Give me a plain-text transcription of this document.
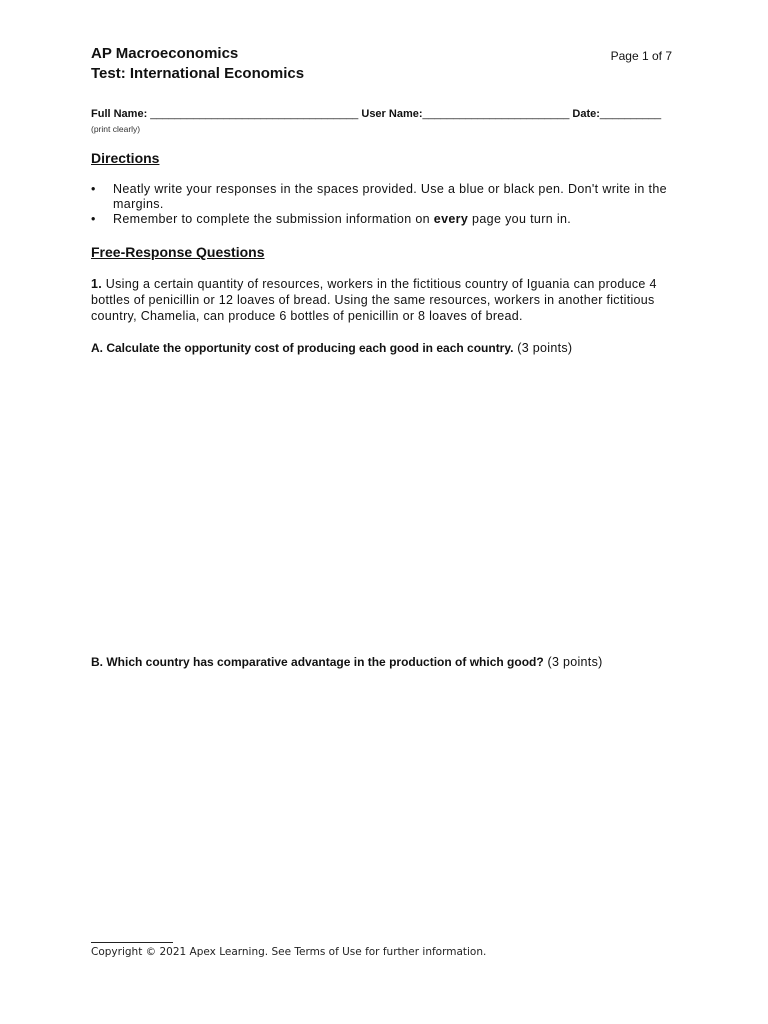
AP Macroeconomics
Test: International Economics
Page 1 of 7
Full Name: __________________________________ User Name:________________________ Date:__________
(print clearly)
Directions
•	Neatly write your responses in the spaces provided. Use a blue or black pen. Don't write in the margins.
•	Remember to complete the submission information on every page you turn in.
Free-Response Questions
1. Using a certain quantity of resources, workers in the fictitious country of Iguania can produce 4 bottles of penicillin or 12 loaves of bread. Using the same resources, workers in another fictitious country, Chamelia, can produce 6 bottles of penicillin or 8 loaves of bread.
A. Calculate the opportunity cost of producing each good in each country. (3 points)
B. Which country has comparative advantage in the production of which good? (3 points)
Copyright © 2021 Apex Learning. See Terms of Use for further information.
